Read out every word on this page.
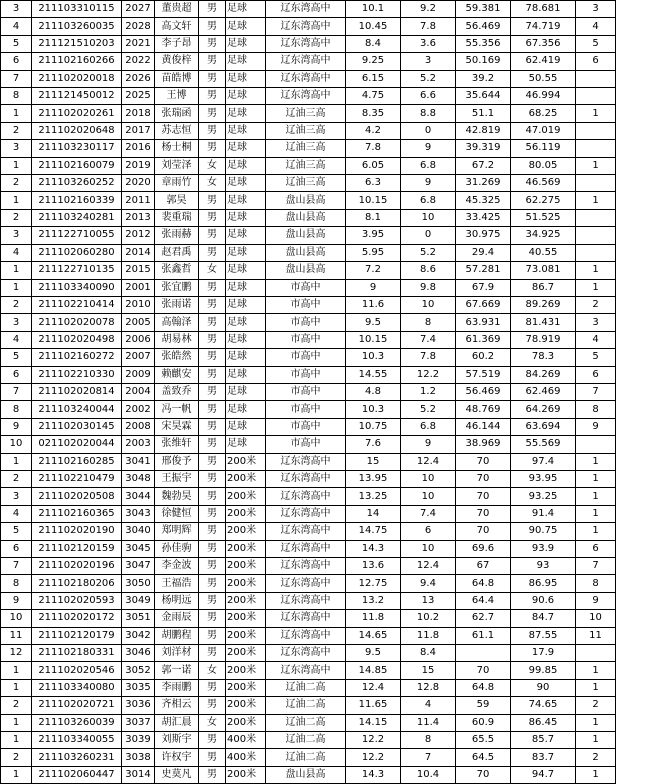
3	211103310115	2027	董贵超	男	足球	辽东湾高中	10.1	9.2	59.381	78.681	3
4	211103260035	2028	高文轩	男	足球	辽东湾高中	10.45	7.8	56.469	74.719	4
5	211121510203	2021	李子昂	男	足球	辽东湾高中	8.4	3.6	55.356	67.356	5
6	211102160266	2022	黄俊梓	男	足球	辽东湾高中	9.25	3	50.169	62.419	6
7	211102020018	2026	苗皓博	男	足球	辽东湾高中	6.15	5.2	39.2	50.55	
8	211121450012	2025	王博	男	足球	辽东湾高中	4.75	6.6	35.644	46.994	
1	211102020261	2018	张瑞函	男	足球	辽油三高	8.35	8.8	51.1	68.25	1
2	211102020648	2017	苏志恒	男	足球	辽油三高	4.2	0	42.819	47.019	
3	211103230117	2016	杨士桐	男	足球	辽油三高	7.8	9	39.319	56.119	
1	211102160079	2019	刘莹泽	女	足球	辽油三高	6.05	6.8	67.2	80.05	1
2	211103260252	2020	章雨竹	女	足球	辽油三高	6.3	9	31.269	46.569	
1	211102160339	2011	郭昊	男	足球	盘山县高	10.15	6.8	45.325	62.275	1
2	211103240281	2013	裴重瑞	男	足球	盘山县高	8.1	10	33.425	51.525	
3	211122710055	2012	张雨赫	男	足球	盘山县高	3.95	0	30.975	34.925	
4	211102060280	2014	赵君禹	男	足球	盘山县高	5.95	5.2	29.4	40.55	
1	211122710135	2015	张鑫哲	女	足球	盘山县高	7.2	8.6	57.281	73.081	1
1	211103340090	2001	张宜鹏	男	足球	市高中	9	9.8	67.9	86.7	1
2	211102210414	2010	张雨诺	男	足球	市高中	11.6	10	67.669	89.269	2
3	211102020078	2005	高翰泽	男	足球	市高中	9.5	8	63.931	81.431	3
4	211102020498	2006	胡易林	男	足球	市高中	10.15	7.4	61.369	78.919	4
5	211102160272	2007	张皓然	男	足球	市高中	10.3	7.8	60.2	78.3	5
6	211102210330	2009	赖麒安	男	足球	市高中	14.55	12.2	57.519	84.269	6
7	211102020814	2004	盖致乔	男	足球	市高中	4.8	1.2	56.469	62.469	7
8	211103240044	2002	冯一帆	男	足球	市高中	10.3	5.2	48.769	64.269	8
9	211102030145	2008	宋昊霖	男	足球	市高中	10.75	6.8	46.144	63.694	9
10	021102020044	2003	张维轩	男	足球	市高中	7.6	9	38.969	55.569	
1	211102160285	3041	邢俊予	男	200米	辽东湾高中	15	12.4	70	97.4	1
2	211102210479	3048	王振宇	男	200米	辽东湾高中	13.95	10	70	93.95	1
3	211102020508	3044	魏勃昊	男	200米	辽东湾高中	13.25	10	70	93.25	1
4	211102160365	3043	徐健恒	男	200米	辽东湾高中	14	7.4	70	91.4	1
5	211102020190	3040	郑明辉	男	200米	辽东湾高中	14.75	6	70	90.75	1
6	211102120159	3045	孙佳驹	男	200米	辽东湾高中	14.3	10	69.6	93.9	6
7	211102020196	3047	李金波	男	200米	辽东湾高中	13.6	12.4	67	93	7
8	211102180206	3050	王福浩	男	200米	辽东湾高中	12.75	9.4	64.8	86.95	8
9	211102020593	3049	杨明远	男	200米	辽东湾高中	13.2	13	64.4	90.6	9
10	211102020172	3051	金雨辰	男	200米	辽东湾高中	11.8	10.2	62.7	84.7	10
11	211102120179	3042	胡鹏程	男	200米	辽东湾高中	14.65	11.8	61.1	87.55	11
12	211102180331	3046	刘洋材	男	200米	辽东湾高中	9.5	8.4		17.9	
1	211102020546	3052	郭一诺	女	200米	辽东湾高中	14.85	15	70	99.85	1
1	211103340080	3035	李雨鹏	男	200米	辽油二高	12.4	12.8	64.8	90	1
2	211102020721	3036	齐相云	男	200米	辽油二高	11.65	4	59	74.65	2
1	211103260039	3037	胡汇晨	女	200米	辽油二高	14.15	11.4	60.9	86.45	1
1	211103340055	3039	刘斯宇	男	400米	辽油二高	12.2	8	65.5	85.7	1
2	211103260231	3038	许权宇	男	400米	辽油二高	12.2	7	64.5	83.7	2
1	211102060447	3014	史莫凡	男	200米	盘山县高	14.3	10.4	70	94.7	1
